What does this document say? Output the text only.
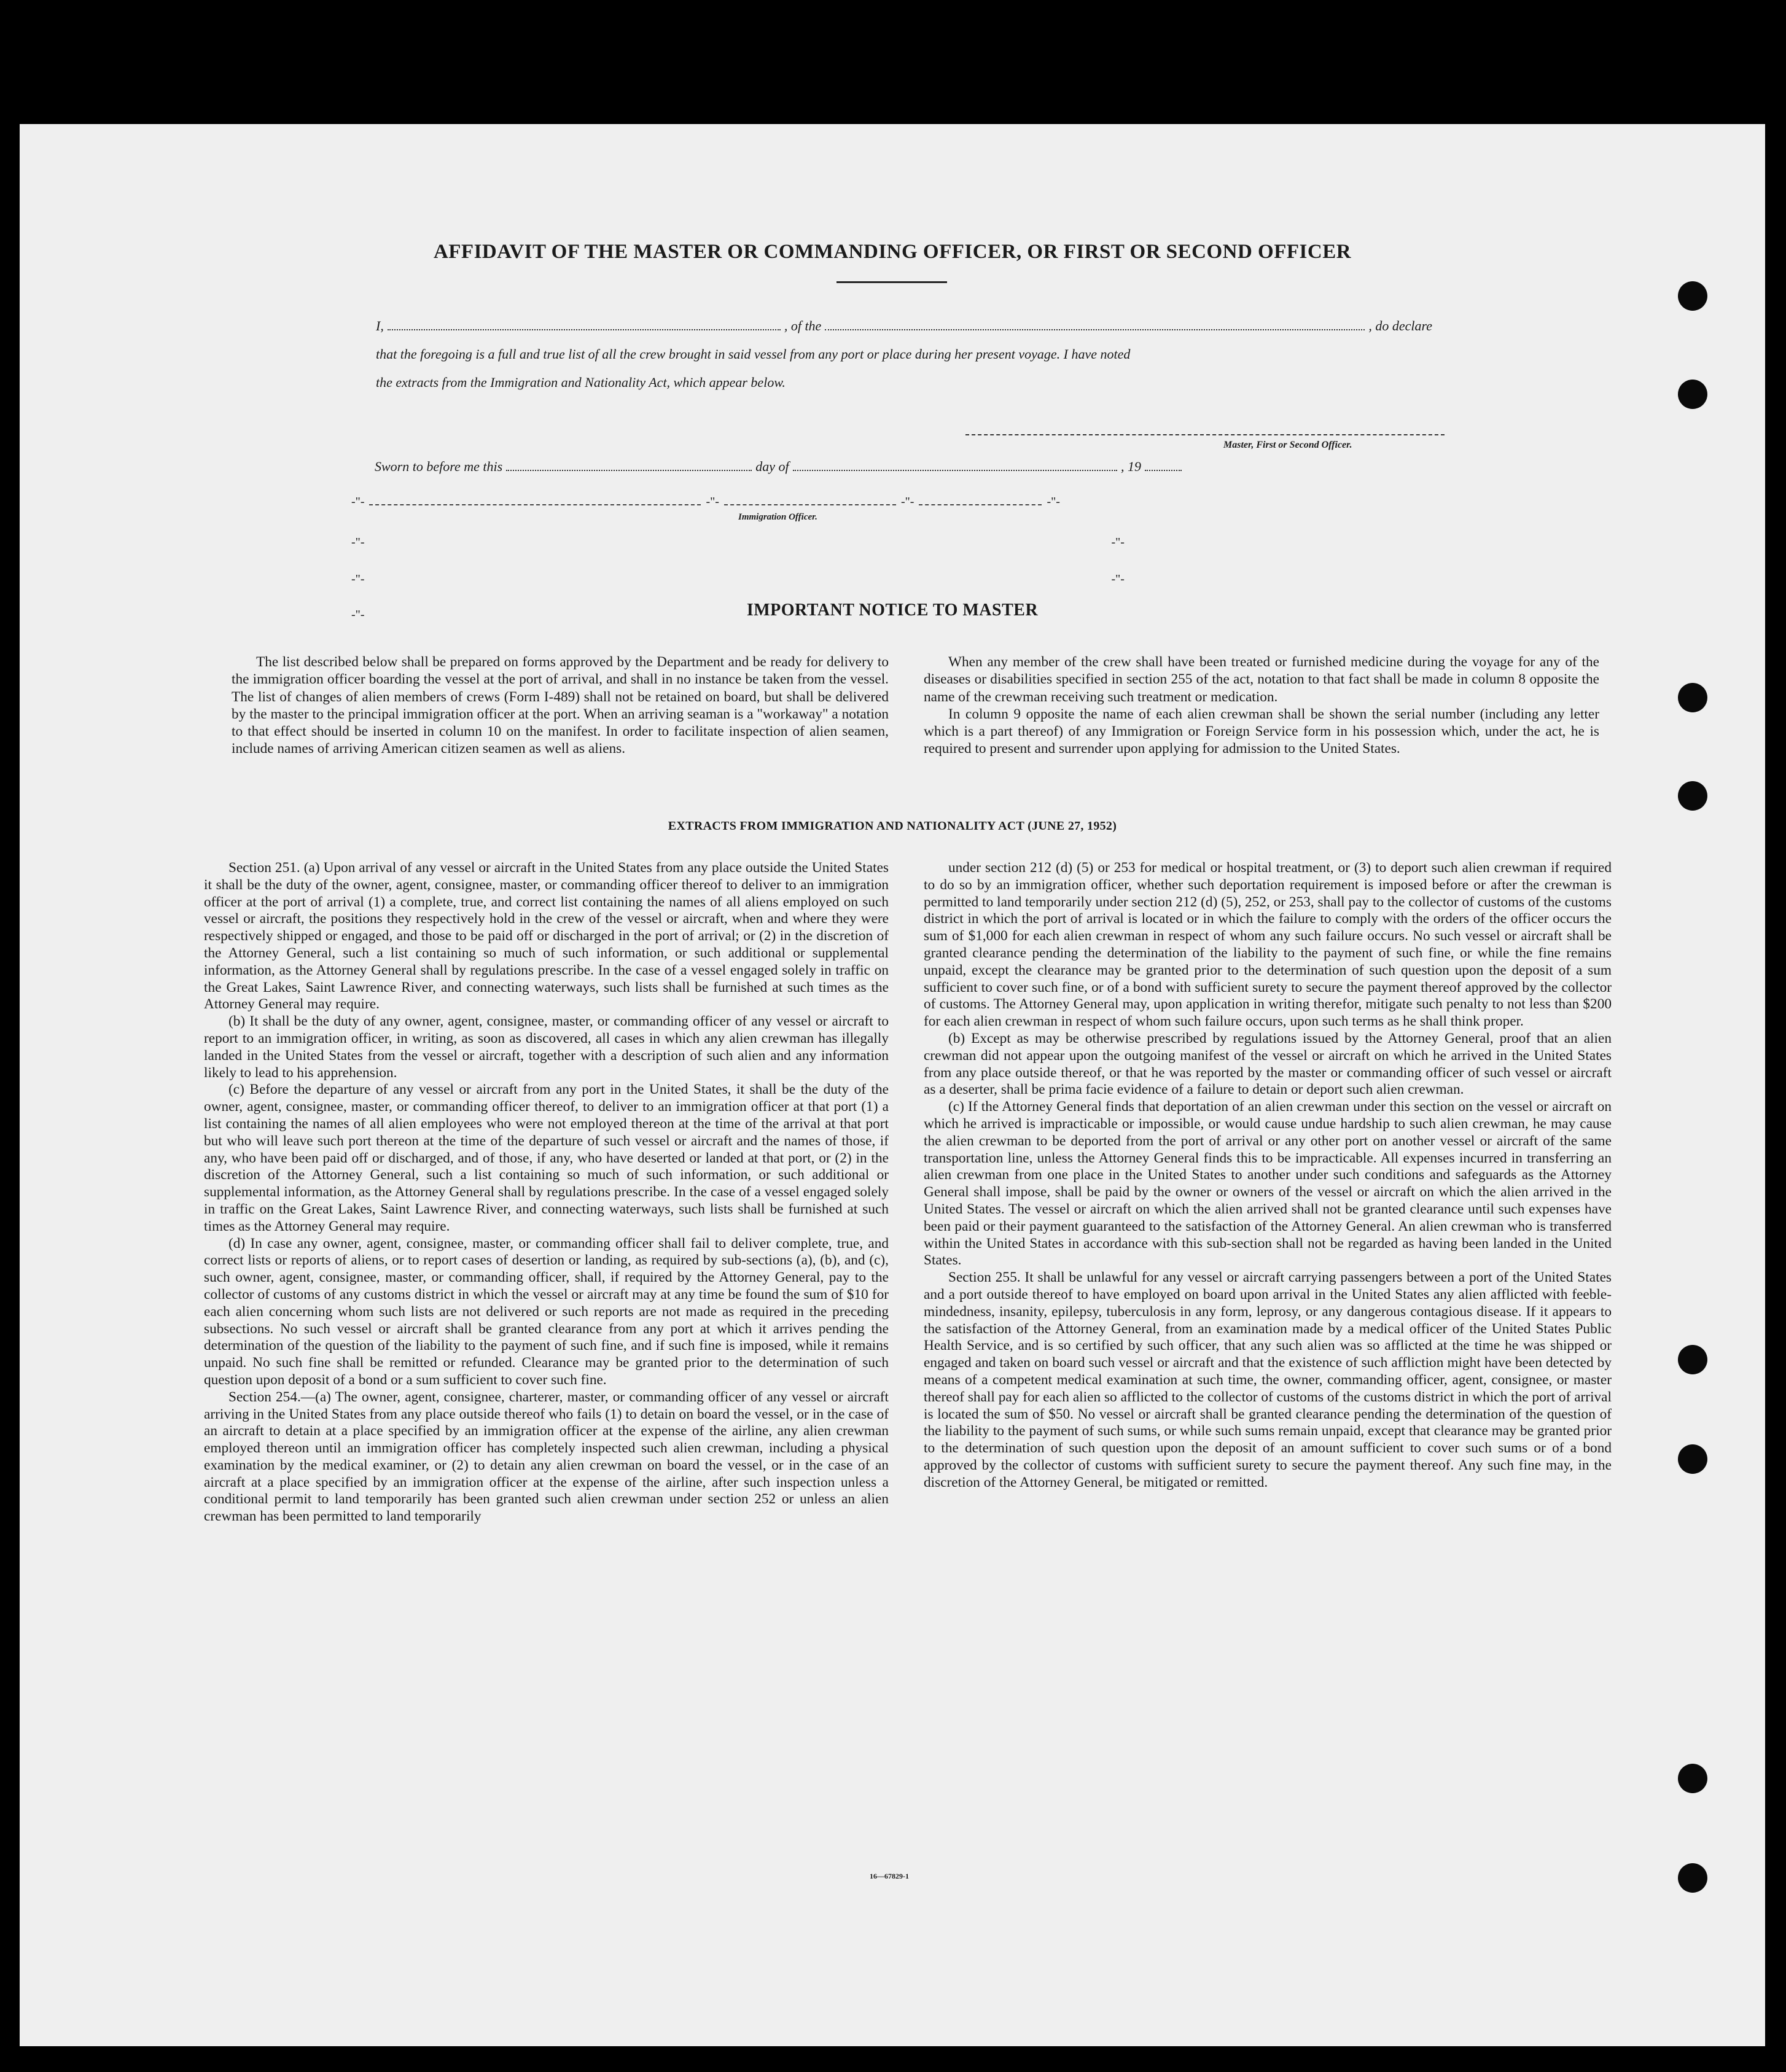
AFFIDAVIT OF THE MASTER OR COMMANDING OFFICER, OR FIRST OR SECOND OFFICER
I,	, of the	, do declare
that the foregoing is a full and true list of all the crew brought in said vessel from any port or place during her present voyage. I have noted
the extracts from the Immigration and Nationality Act, which appear below.
Master, First or Second Officer.
Sworn to before me this	day of	, 19
-"-	-"-	-"-	-"-
Immigration Officer.
-"-	-"-
-"-	-"-
-"-	IMPORTANT NOTICE TO MASTER

The list described below shall be prepared on forms approved by the Department and be ready for delivery to the immigration officer boarding the vessel at the port of arrival, and shall in no instance be taken from the vessel. The list of changes of alien members of crews (Form I-489) shall not be retained on board, but shall be delivered by the master to the principal immigration officer at the port. When an arriving seaman is a "workaway" a notation to that effect should be inserted in column 10 on the manifest. In order to facilitate inspection of alien seamen, include names of arriving American citizen seamen as well as aliens.

When any member of the crew shall have been treated or furnished medicine during the voyage for any of the diseases or disabilities specified in section 255 of the act, notation to that fact shall be made in column 8 opposite the name of the crewman receiving such treatment or medication.

In column 9 opposite the name of each alien crewman shall be shown the serial number (including any letter which is a part thereof) of any Immigration or Foreign Service form in his possession which, under the act, he is required to present and surrender upon applying for admission to the United States.

EXTRACTS FROM IMMIGRATION AND NATIONALITY ACT (JUNE 27, 1952)

Section 251. (a) Upon arrival of any vessel or aircraft in the United States from any place outside the United States it shall be the duty of the owner, agent, consignee, master, or commanding officer thereof to deliver to an immigration officer at the port of arrival (1) a complete, true, and correct list containing the names of all aliens employed on such vessel or aircraft, the positions they respectively hold in the crew of the vessel or aircraft, when and where they were respectively shipped or engaged, and those to be paid off or discharged in the port of arrival; or (2) in the discretion of the Attorney General, such a list containing so much of such information, or such additional or supplemental information, as the Attorney General shall by regulations prescribe. In the case of a vessel engaged solely in traffic on the Great Lakes, Saint Lawrence River, and connecting waterways, such lists shall be furnished at such times as the Attorney General may require.

(b) It shall be the duty of any owner, agent, consignee, master, or commanding officer of any vessel or aircraft to report to an immigration officer, in writing, as soon as discovered, all cases in which any alien crewman has illegally landed in the United States from the vessel or aircraft, together with a description of such alien and any information likely to lead to his apprehension.

(c) Before the departure of any vessel or aircraft from any port in the United States, it shall be the duty of the owner, agent, consignee, master, or commanding officer thereof, to deliver to an immigration officer at that port (1) a list containing the names of all alien employees who were not employed thereon at the time of the arrival at that port but who will leave such port thereon at the time of the departure of such vessel or aircraft and the names of those, if any, who have been paid off or discharged, and of those, if any, who have deserted or landed at that port, or (2) in the discretion of the Attorney General, such a list containing so much of such information, or such additional or supplemental information, as the Attorney General shall by regulations prescribe. In the case of a vessel engaged solely in traffic on the Great Lakes, Saint Lawrence River, and connecting waterways, such lists shall be furnished at such times as the Attorney General may require.

(d) In case any owner, agent, consignee, master, or commanding officer shall fail to deliver complete, true, and correct lists or reports of aliens, or to report cases of desertion or landing, as required by sub-sections (a), (b), and (c), such owner, agent, consignee, master, or commanding officer, shall, if required by the Attorney General, pay to the collector of customs of any customs district in which the vessel or aircraft may at any time be found the sum of $10 for each alien concerning whom such lists are not delivered or such reports are not made as required in the preceding subsections. No such vessel or aircraft shall be granted clearance from any port at which it arrives pending the determination of the question of the liability to the payment of such fine, and if such fine is imposed, while it remains unpaid. No such fine shall be remitted or refunded. Clearance may be granted prior to the determination of such question upon deposit of a bond or a sum sufficient to cover such fine.

Section 254.—(a) The owner, agent, consignee, charterer, master, or commanding officer of any vessel or aircraft arriving in the United States from any place outside thereof who fails (1) to detain on board the vessel, or in the case of an aircraft to detain at a place specified by an immigration officer at the expense of the airline, any alien crewman employed thereon until an immigration officer has completely inspected such alien crewman, including a physical examination by the medical examiner, or (2) to detain any alien crewman on board the vessel, or in the case of an aircraft at a place specified by an immigration officer at the expense of the airline, after such inspection unless a conditional permit to land temporarily has been granted such alien crewman under section 252 or unless an alien crewman has been permitted to land temporarily

under section 212 (d) (5) or 253 for medical or hospital treatment, or (3) to deport such alien crewman if required to do so by an immigration officer, whether such deportation requirement is imposed before or after the crewman is permitted to land temporarily under section 212 (d) (5), 252, or 253, shall pay to the collector of customs of the customs district in which the port of arrival is located or in which the failure to comply with the orders of the officer occurs the sum of $1,000 for each alien crewman in respect of whom any such failure occurs. No such vessel or aircraft shall be granted clearance pending the determination of the liability to the payment of such fine, or while the fine remains unpaid, except the clearance may be granted prior to the determination of such question upon the deposit of a sum sufficient to cover such fine, or of a bond with sufficient surety to secure the payment thereof approved by the collector of customs. The Attorney General may, upon application in writing therefor, mitigate such penalty to not less than $200 for each alien crewman in respect of whom such failure occurs, upon such terms as he shall think proper.

(b) Except as may be otherwise prescribed by regulations issued by the Attorney General, proof that an alien crewman did not appear upon the outgoing manifest of the vessel or aircraft on which he arrived in the United States from any place outside thereof, or that he was reported by the master or commanding officer of such vessel or aircraft as a deserter, shall be prima facie evidence of a failure to detain or deport such alien crewman.

(c) If the Attorney General finds that deportation of an alien crewman under this section on the vessel or aircraft on which he arrived is impracticable or impossible, or would cause undue hardship to such alien crewman, he may cause the alien crewman to be deported from the port of arrival or any other port on another vessel or aircraft of the same transportation line, unless the Attorney General finds this to be impracticable. All expenses incurred in transferring an alien crewman from one place in the United States to another under such conditions and safeguards as the Attorney General shall impose, shall be paid by the owner or owners of the vessel or aircraft on which the alien arrived in the United States. The vessel or aircraft on which the alien arrived shall not be granted clearance until such expenses have been paid or their payment guaranteed to the satisfaction of the Attorney General. An alien crewman who is transferred within the United States in accordance with this sub-section shall not be regarded as having been landed in the United States.

Section 255. It shall be unlawful for any vessel or aircraft carrying passengers between a port of the United States and a port outside thereof to have employed on board upon arrival in the United States any alien afflicted with feeble-mindedness, insanity, epilepsy, tuberculosis in any form, leprosy, or any dangerous contagious disease. If it appears to the satisfaction of the Attorney General, from an examination made by a medical officer of the United States Public Health Service, and is so certified by such officer, that any such alien was so afflicted at the time he was shipped or engaged and taken on board such vessel or aircraft and that the existence of such affliction might have been detected by means of a competent medical examination at such time, the owner, commanding officer, agent, consignee, or master thereof shall pay for each alien so afflicted to the collector of customs of the customs district in which the port of arrival is located the sum of $50. No vessel or aircraft shall be granted clearance pending the determination of the question of the liability to the payment of such sums, or while such sums remain unpaid, except that clearance may be granted prior to the determination of such question upon the deposit of an amount sufficient to cover such sums or of a bond approved by the collector of customs with sufficient surety to secure the payment thereof. Any such fine may, in the discretion of the Attorney General, be mitigated or remitted.

16—67829-1
